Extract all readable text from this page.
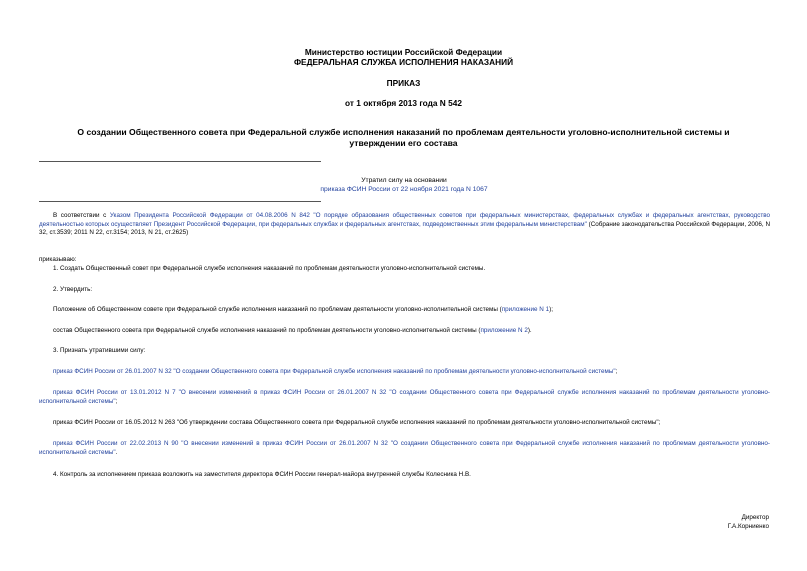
Министерство юстиции Российской Федерации
ФЕДЕРАЛЬНАЯ СЛУЖБА ИСПОЛНЕНИЯ НАКАЗАНИЙ
ПРИКАЗ
от 1 октября 2013 года N 542
О создании Общественного совета при Федеральной службе исполнения наказаний по проблемам деятельности уголовно-исполнительной системы и
утверждении его состава
Утратил силу на основании
приказа ФСИН России от 22 ноября 2021 года N 1067
В соответствии с Указом Президента Российской Федерации от 04.08.2006 N 842 "О порядке образования общественных советов при федеральных министерствах, федеральных службах и федеральных агентствах, руководство деятельностью которых осуществляет Президент Российской Федерации, при федеральных службах и федеральных агентствах, подведомственных этим федеральным министерствам" (Собрание законодательства Российской Федерации, 2006, N 32, ст.3539; 2011 N 22, ст.3154; 2013, N 21, ст.2625)
приказываю:
1. Создать Общественный совет при Федеральной службе исполнения наказаний по проблемам деятельности уголовно-исполнительной системы.
2. Утвердить:
Положение об Общественном совете при Федеральной службе исполнения наказаний по проблемам деятельности уголовно-исполнительной системы (приложение N 1);
состав Общественного совета при Федеральной службе исполнения наказаний по проблемам деятельности уголовно-исполнительной системы (приложение N 2).
3. Признать утратившими силу:
приказ ФСИН России от 26.01.2007 N 32 "О создании Общественного совета при Федеральной службе исполнения наказаний по проблемам деятельности уголовно-исполнительной системы";
приказ ФСИН России от 13.01.2012 N 7 "О внесении изменений в приказ ФСИН России от 26.01.2007 N 32 "О создании Общественного совета при Федеральной службе исполнения наказаний по проблемам деятельности уголовно-исполнительной системы";
приказ ФСИН России от 16.05.2012 N 263 "Об утверждении состава Общественного совета при Федеральной службе исполнения наказаний по проблемам деятельности уголовно-исполнительной системы";
приказ ФСИН России от 22.02.2013 N 90 "О внесении изменений в приказ ФСИН России от 26.01.2007 N 32 "О создании Общественного совета при Федеральной службе исполнения наказаний по проблемам деятельности уголовно-исполнительной системы".
4. Контроль за исполнением приказа возложить на заместителя директора ФСИН России генерал-майора внутренней службы Колесника Н.В.
Директор
Г.А.Корниенко
